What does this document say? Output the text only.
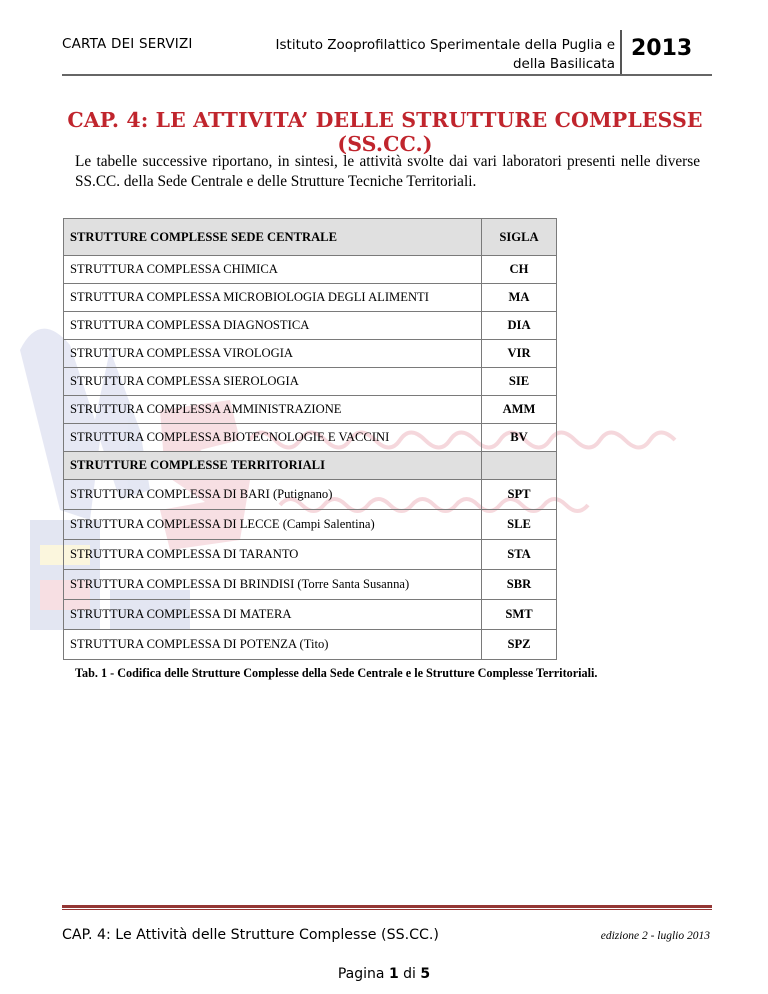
CARTA DEI SERVIZI	Istituto Zooprofilattico Sperimentale della Puglia e
della Basilicata
2013
CAP. 4: LE ATTIVITA’ DELLE STRUTTURE COMPLESSE (SS.CC.)
Le tabelle successive riportano, in sintesi, le attività svolte dai vari laboratori presenti nelle diverse SS.CC. della Sede Centrale e delle Strutture Tecniche Territoriali.
STRUTTURE COMPLESSE SEDE CENTRALE	SIGLA
STRUTTURA COMPLESSA CHIMICA	CH
STRUTTURA COMPLESSA MICROBIOLOGIA DEGLI ALIMENTI	MA
STRUTTURA COMPLESSA DIAGNOSTICA	DIA
STRUTTURA COMPLESSA VIROLOGIA	VIR
STRUTTURA COMPLESSA SIEROLOGIA	SIE
STRUTTURA COMPLESSA AMMINISTRAZIONE	AMM
STRUTTURA COMPLESSA BIOTECNOLOGIE E VACCINI	BV
STRUTTURE COMPLESSE TERRITORIALI	
STRUTTURA COMPLESSA DI BARI (Putignano)	SPT
STRUTTURA COMPLESSA DI LECCE (Campi Salentina)	SLE
STRUTTURA COMPLESSA DI TARANTO	STA
STRUTTURA COMPLESSA DI BRINDISI (Torre Santa Susanna)	SBR
STRUTTURA COMPLESSA DI MATERA	SMT
STRUTTURA COMPLESSA DI POTENZA (Tito)	SPZ
Tab. 1 - Codifica delle Strutture Complesse della Sede Centrale e le Strutture Complesse Territoriali.
CAP. 4: Le Attività delle Strutture Complesse (SS.CC.)	edizione 2 - luglio 2013
Pagina 1 di 5
